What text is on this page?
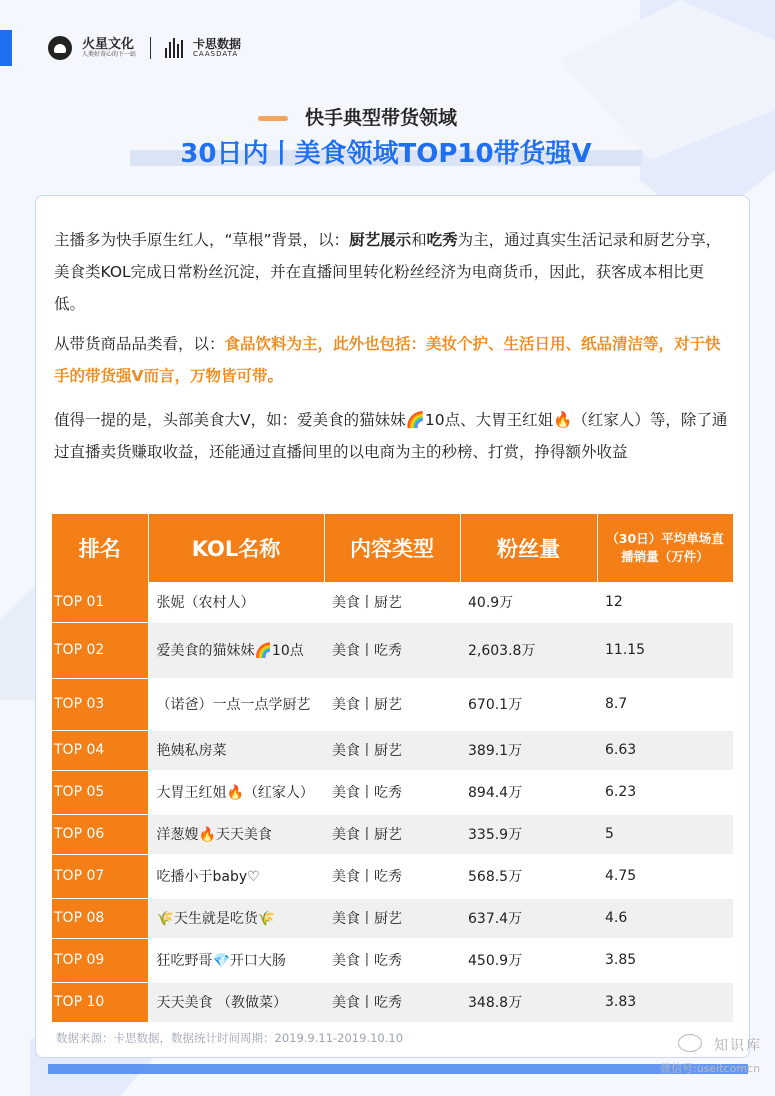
火星文化
人类好奇心的下一站
卡思数据
CAASDATA
快手典型带货领域
30日内丨美食领域TOP10带货强V
主播多为快手原生红人，“草根”背景，以：厨艺展示和吃秀为主，通过真实生活记录和厨艺分享，美食类KOL完成日常粉丝沉淀，并在直播间里转化粉丝经济为电商货币，因此，获客成本相比更低。
从带货商品品类看，以：食品饮料为主，此外也包括：美妆个护、生活日用、纸品清洁等，对于快手的带货强V而言，万物皆可带。
值得一提的是，头部美食大V，如：爱美食的猫妹妹🌈10点、大胃王红姐🔥（红家人）等，除了通过直播卖货赚取收益，还能通过直播间里的以电商为主的秒榜、打赏，挣得额外收益
排名	KOL名称	内容类型	粉丝量	（30日）平均单场直播销量（万件）
TOP 01	张妮（农村人）	美食丨厨艺	40.9万	12
TOP 02	爱美食的猫妹妹🌈10点	美食丨吃秀	2,603.8万	11.15
TOP 03	（诺爸）一点一点学厨艺	美食丨厨艺	670.1万	8.7
TOP 04	艳姨私房菜	美食丨厨艺	389.1万	6.63
TOP 05	大胃王红姐🔥（红家人）	美食丨吃秀	894.4万	6.23
TOP 06	洋葱嫂🔥天天美食	美食丨厨艺	335.9万	5
TOP 07	吃播小于baby♡	美食丨吃秀	568.5万	4.75
TOP 08	🌾天生就是吃货🌾	美食丨厨艺	637.4万	4.6
TOP 09	狂吃野哥💎开口大肠	美食丨吃秀	450.9万	3.85
TOP 10	天天美食 （教做菜）	美食丨吃秀	348.8万	3.83
数据来源：卡思数据，数据统计时间周期：2019.9.11-2019.10.10	知识库
微信号:useitcomcn
